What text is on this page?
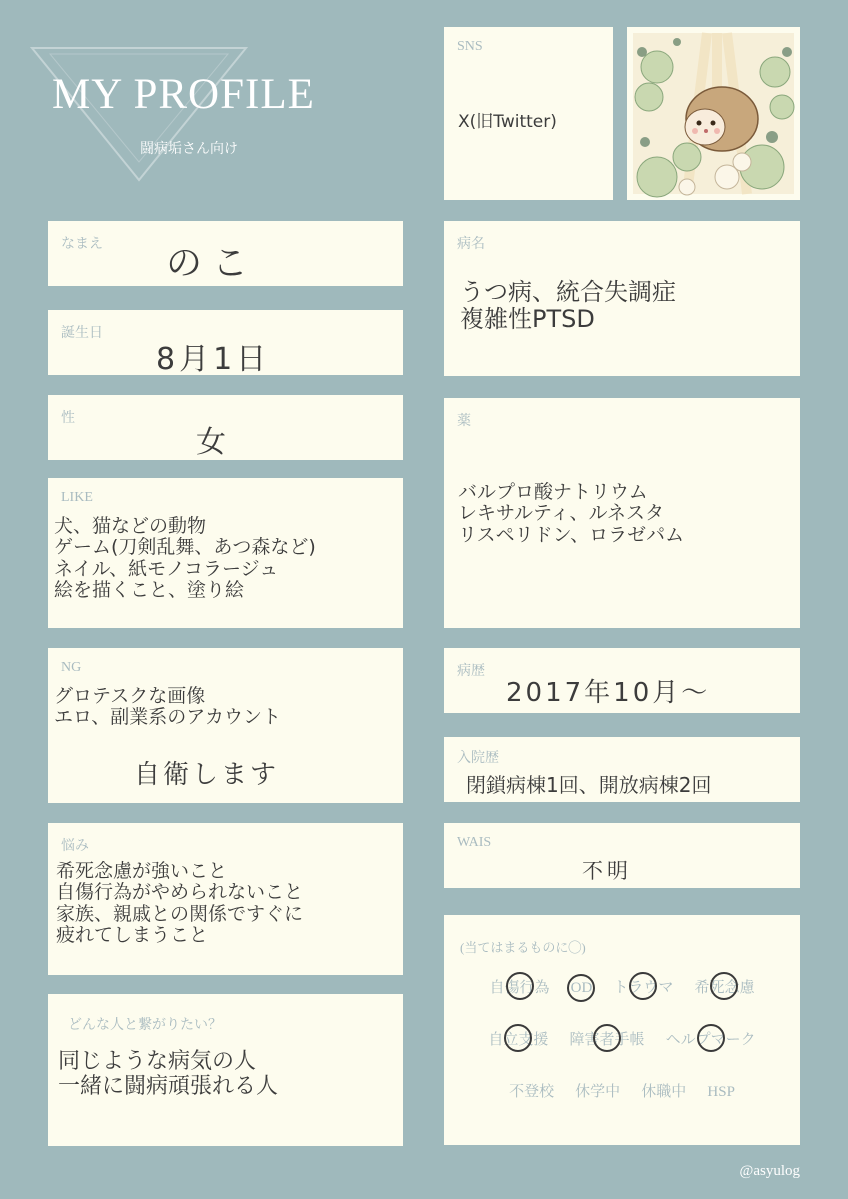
MY PROFILE
闘病垢さん向け
SNS
X(旧Twitter)
なまえ のこ
誕生日
8月1日
性
女
LIKE
犬、猫などの動物
ゲーム(刀剣乱舞、あつ森など)
ネイル、紙モノコラージュ
絵を描くこと、塗り絵
NG
グロテスクな画像
エロ、副業系のアカウント
自衛します
悩み
希死念慮が強いこと
自傷行為がやめられないこと
家族、親戚との関係ですぐに
疲れてしまうこと
どんな人と繋がりたい？
同じような病気の人
一緒に闘病頑張れる人
病名
うつ病、統合失調症
複雑性PTSD
薬
バルプロ酸ナトリウム
レキサルティ、ルネスタ
リスペリドン、ロラゼパム
病歴
2017年10月〜
入院歴
閉鎖病棟1回、開放病棟2回
WAIS
不明
(当てはまるものに◯)
自傷行為 OD トラウマ 希死念慮
自立支援 障害者手帳 ヘルプマーク
不登校 休学中 休職中 HSP
@asyulog
